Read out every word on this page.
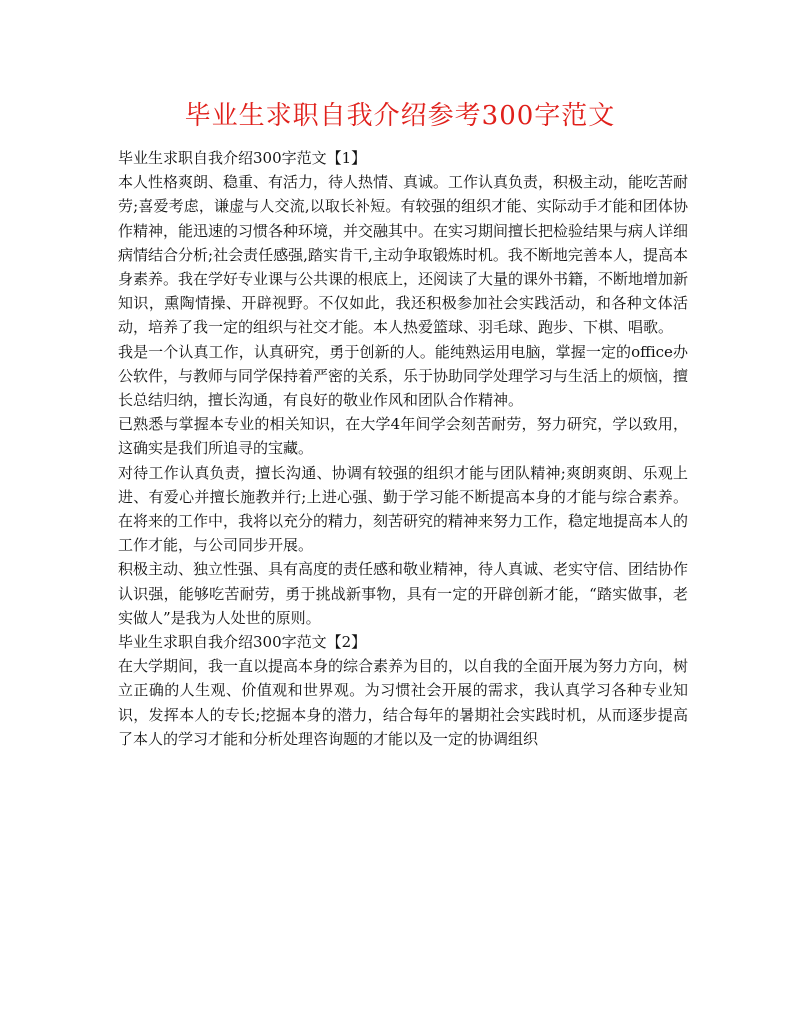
毕业生求职自我介绍参考300字范文

毕业生求职自我介绍300字范文【1】

本人性格爽朗、稳重、有活力，待人热情、真诚。工作认真负责，积极主动，能吃苦耐劳;喜爱考虑，谦虚与人交流,以取长补短。有较强的组织才能、实际动手才能和团体协作精神，能迅速的习惯各种环境，并交融其中。在实习期间擅长把检验结果与病人详细病情结合分析;社会责任感强,踏实肯干,主动争取锻炼时机。我不断地完善本人，提高本身素养。我在学好专业课与公共课的根底上，还阅读了大量的课外书籍，不断地增加新知识，熏陶情操、开辟视野。不仅如此，我还积极参加社会实践活动，和各种文体活动，培养了我一定的组织与社交才能。本人热爱篮球、羽毛球、跑步、下棋、唱歌。

我是一个认真工作，认真研究，勇于创新的人。能纯熟运用电脑，掌握一定的office办公软件，与教师与同学保持着严密的关系，乐于协助同学处理学习与生活上的烦恼，擅长总结归纳，擅长沟通，有良好的敬业作风和团队合作精神。

已熟悉与掌握本专业的相关知识，在大学4年间学会刻苦耐劳，努力研究，学以致用，这确实是我们所追寻的宝藏。

对待工作认真负责，擅长沟通、协调有较强的组织才能与团队精神;爽朗爽朗、乐观上进、有爱心并擅长施教并行;上进心强、勤于学习能不断提高本身的才能与综合素养。在将来的工作中，我将以充分的精力，刻苦研究的精神来努力工作，稳定地提高本人的工作才能，与公司同步开展。

积极主动、独立性强、具有高度的责任感和敬业精神，待人真诚、老实守信、团结协作认识强，能够吃苦耐劳，勇于挑战新事物，具有一定的开辟创新才能，“踏实做事，老实做人”是我为人处世的原则。

毕业生求职自我介绍300字范文【2】

在大学期间，我一直以提高本身的综合素养为目的，以自我的全面开展为努力方向，树立正确的人生观、价值观和世界观。为习惯社会开展的需求，我认真学习各种专业知识，发挥本人的专长;挖掘本身的潜力，结合每年的暑期社会实践时机，从而逐步提高了本人的学习才能和分析处理咨询题的才能以及一定的协调组织
